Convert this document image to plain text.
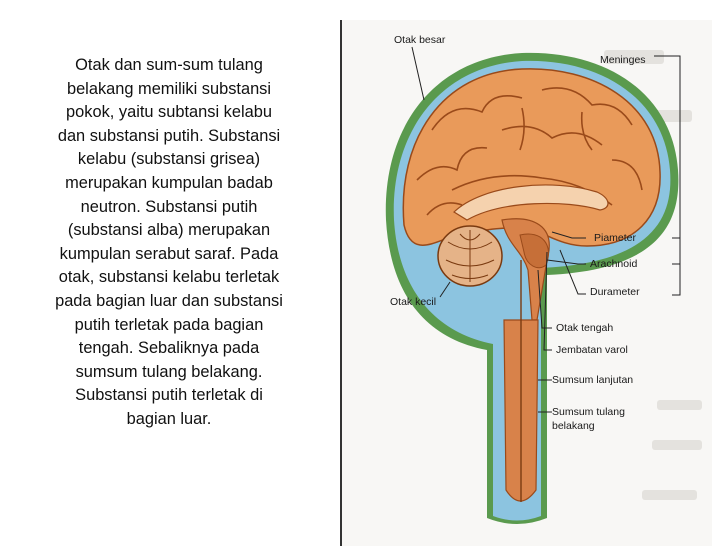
Otak dan sum-sum tulang
belakang memiliki substansi
pokok, yaitu subtansi kelabu
dan substansi putih. Substansi
kelabu (substansi grisea)
merupakan kumpulan badab
neutron. Substansi putih
(substansi alba) merupakan
kumpulan serabut saraf. Pada
otak, substansi kelabu terletak
pada bagian luar dan substansi
putih terletak pada bagian
tengah. Sebaliknya pada
sumsum tulang belakang.
Substansi putih terletak di
bagian luar.
Otak besar
Meninges
Piameter
Arachnoid
Durameter
Otak kecil
Otak tengah
Jembatan varol
Sumsum lanjutan
Sumsum tulang
belakang
